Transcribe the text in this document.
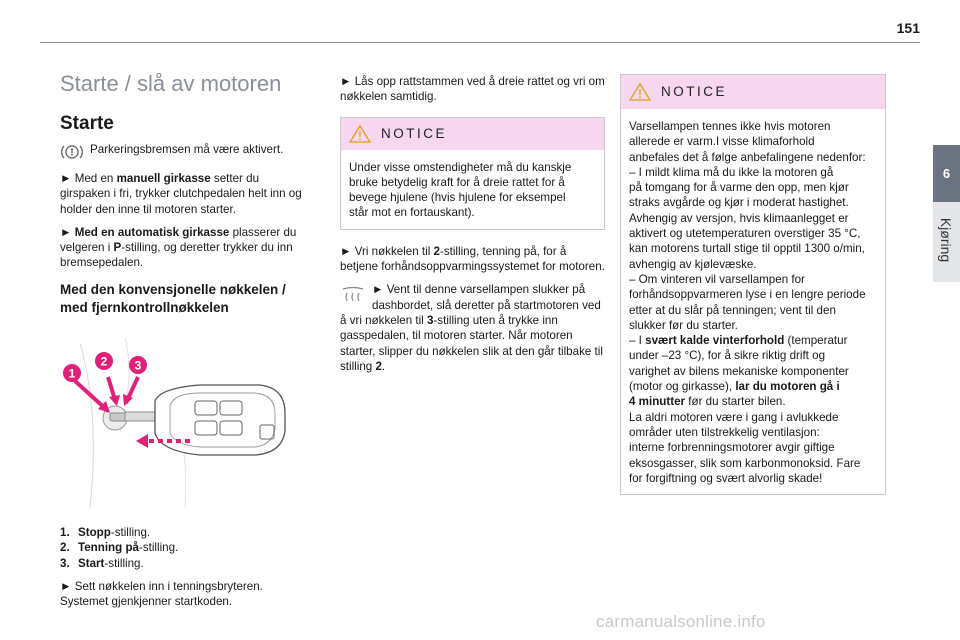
151
6
Kjøring
Starte / slå av motoren
Starte
Parkeringsbremsen må være aktivert.

► Med en manuell girkasse setter du girspaken i fri, trykker clutchpedalen helt inn og holder den inne til motoren starter.

► Med en automatisk girkasse plasserer du velgeren i P-stilling, og deretter trykker du inn bremsepedalen.

Med den konvensjonelle nøkkelen / med fjernkontrollnøkkelen
1
2 3
1. Stopp-stilling.
2. Tenning på-stilling.
3. Start-stilling.

► Sett nøkkelen inn i tenningsbryteren.
Systemet gjenkjenner startkoden.

► Lås opp rattstammen ved å dreie rattet og vri om nøkkelen samtidig.

NOTICE
Under visse omstendigheter må du kanskje
bruke betydelig kraft for å dreie rattet for å
bevege hjulene (hvis hjulene for eksempel
står mot en fortauskant).

► Vri nøkkelen til 2-stilling, tenning på, for å betjene forhåndsoppvarmingssystemet for motoren.

► Vent til denne varsellampen slukker på dashbordet, slå deretter på startmotoren ved å vri nøkkelen til 3-stilling uten å trykke inn gasspedalen, til motoren starter. Når motoren starter, slipper du nøkkelen slik at den går tilbake til stilling 2.
NOTICE
Varsellampen tennes ikke hvis motoren
allerede er varm.I visse klimaforhold
anbefales det å følge anbefalingene nedenfor:
– I mildt klima må du ikke la motoren gå
på tomgang for å varme den opp, men kjør
straks avgårde og kjør i moderat hastighet.
Avhengig av versjon, hvis klimaanlegget er
aktivert og utetemperaturen overstiger 35 °C,
kan motorens turtall stige til opptil 1300 o/min,
avhengig av kjølevæske.
– Om vinteren vil varsellampen for
forhåndsoppvarmeren lyse i en lengre periode
etter at du slår på tenningen; vent til den
slukker før du starter.
– I svært kalde vinterforhold (temperatur
under –23 °C), for å sikre riktig drift og
varighet av bilens mekaniske komponenter
(motor og girkasse), lar du motoren gå i
4 minutter før du starter bilen.
La aldri motoren være i gang i avlukkede
områder uten tilstrekkelig ventilasjon:
interne forbrenningsmotorer avgir giftige
eksosgasser, slik som karbonmonoksid. Fare
for forgiftning og svært alvorlig skade!
carmanualsonline.info
